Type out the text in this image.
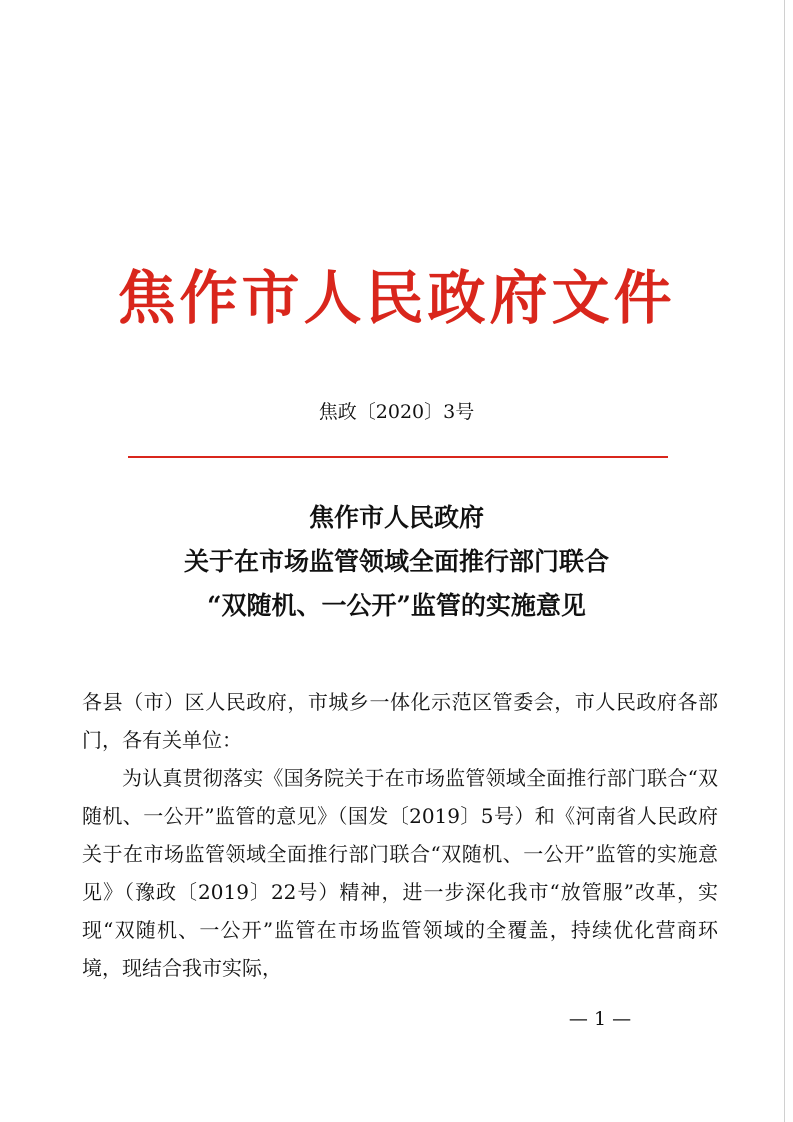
焦作市人民政府文件
焦政〔2020〕3号
焦作市人民政府
关于在市场监管领域全面推行部门联合
“双随机、一公开”监管的实施意见

各县（市）区人民政府，市城乡一体化示范区管委会，市人民政府各部门，各有关单位：

为认真贯彻落实《国务院关于在市场监管领域全面推行部门联合“双随机、一公开”监管的意见》（国发〔2019〕5号）和《河南省人民政府关于在市场监管领域全面推行部门联合“双随机、一公开”监管的实施意见》（豫政〔2019〕22号）精神，进一步深化我市“放管服”改革，实现“双随机、一公开”监管在市场监管领域的全覆盖，持续优化营商环境，现结合我市实际，

— 1 —
